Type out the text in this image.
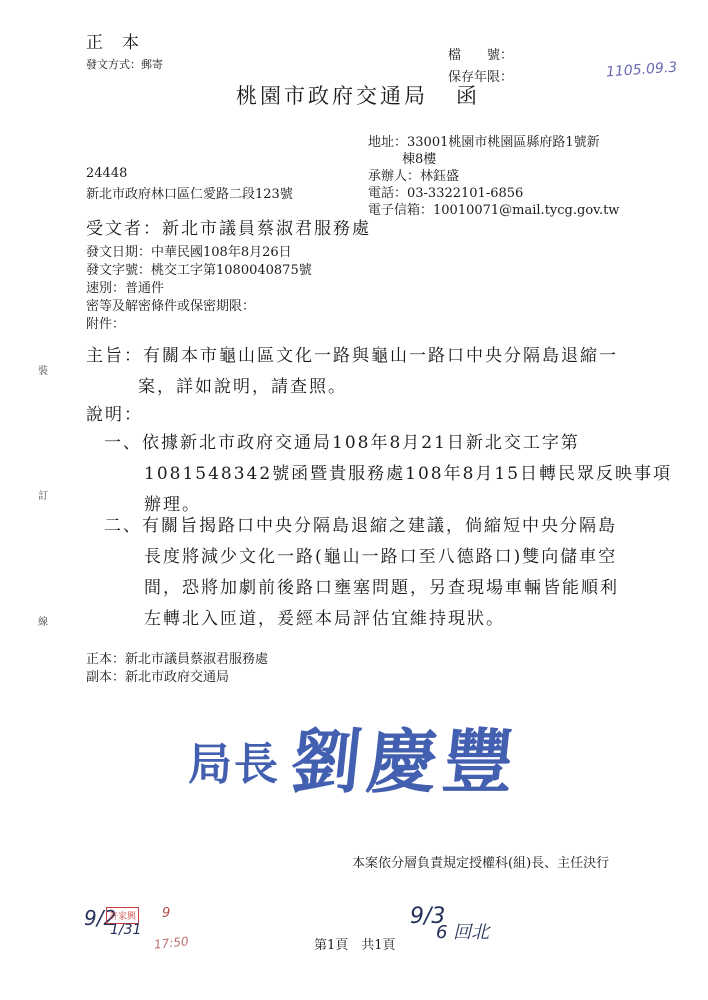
正　本
發文方式：郵寄
檔　　號：
保存年限：	1105.09.3
桃園市政府交通局 函
地址：33001桃園市桃園區縣府路1號新
棟8樓
承辦人：林鈺盛
電話：03-3322101-6856
電子信箱：10010071@mail.tycg.gov.tw
24448
新北市政府林口區仁愛路二段123號
受文者：新北市議員蔡淑君服務處
發文日期：中華民國108年8月26日
發文字號：桃交工字第1080040875號
速別：普通件
密等及解密條件或保密期限：
附件：
裝
訂
線
主旨：有關本市龜山區文化一路與龜山一路口中央分隔島退縮一
案，詳如說明，請查照。
說明：
一、依據新北市政府交通局108年8月21日新北交工字第
1081548342號函暨貴服務處108年8月15日轉民眾反映事項
辦理。
二、有關旨揭路口中央分隔島退縮之建議，倘縮短中央分隔島
長度將減少文化一路(龜山一路口至八德路口)雙向儲車空
間，恐將加劇前後路口壅塞問題，另查現場車輛皆能順利
左轉北入匝道，爰經本局評估宜維持現狀。
正本：新北市議員蔡淑君服務處
副本：新北市政府交通局
局長 劉慶豐
本案依分層負責規定授權科(組)長、主任決行
9/2
許家興
1/31
9
17:50	第1頁　共1頁
9/3
6 回北
